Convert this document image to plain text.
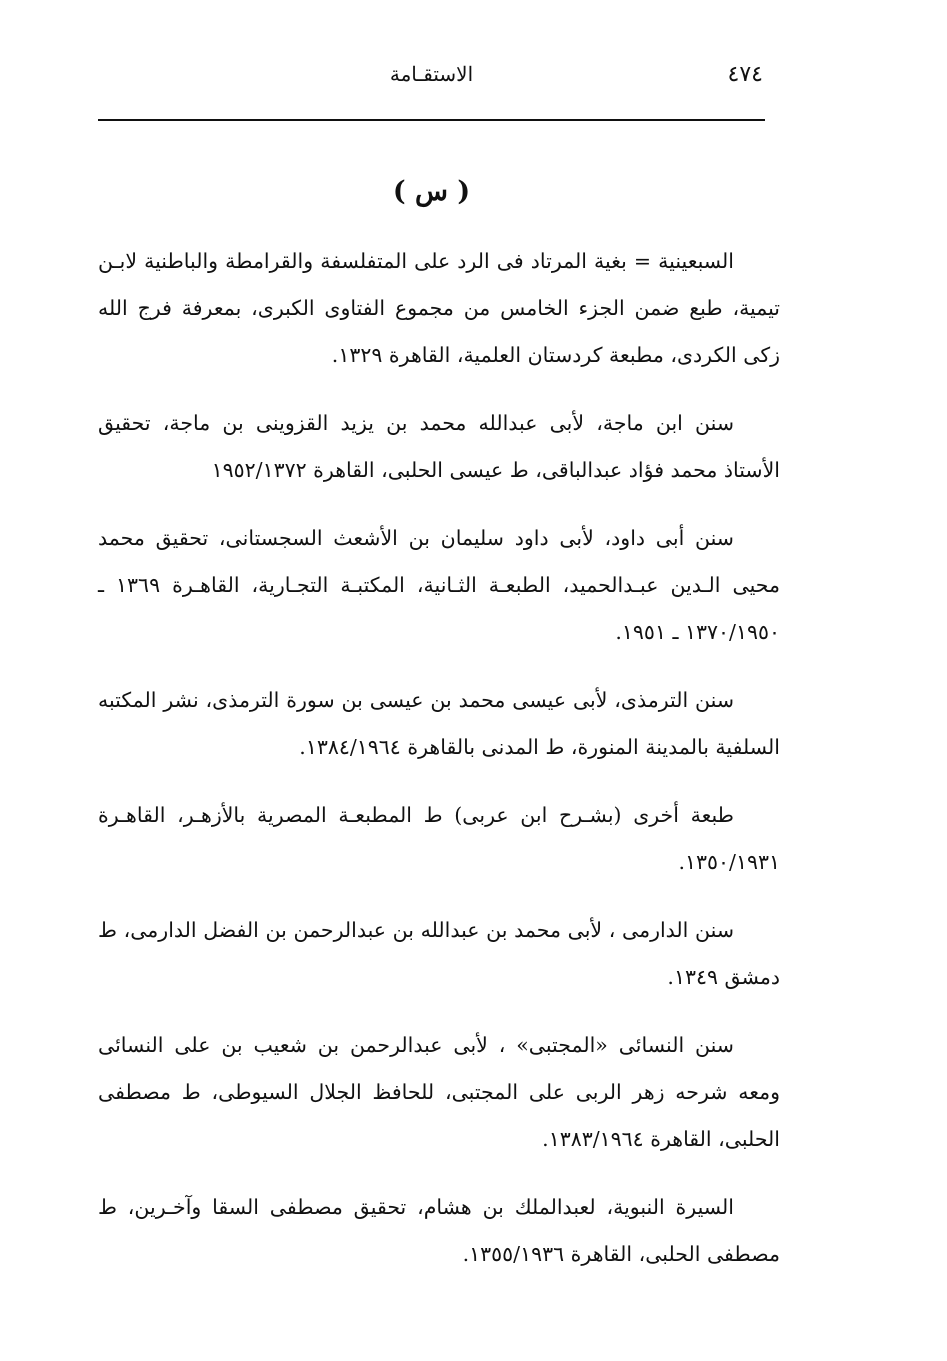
٤٧٤
الاستقـامة
( س )

السبعينية = بغية المرتاد فى الرد على المتفلسفة والقرامطة والباطنية لابـن تيمية، طبع ضمن الجزء الخامس من مجموع الفتاوى الكبرى، بمعرفة فرج الله زكى الكردى، مطبعة كردستان العلمية، القاهرة ١٣٢٩.

سنن ابن ماجة، لأبى عبدالله محمد بن يزيد القزوينى بن ماجة، تحقيق الأستاذ محمد فؤاد عبدالباقى، ط عيسى الحلبى، القاهرة ١٩٥٢/١٣٧٢

سنن أبى داود، لأبى داود سليمان بن الأشعث السجستانى، تحقيق محمد محيى الـدين عبـدالحميد، الطبعـة الثـانية، المكتبـة التجـارية، القاهـرة ١٣٦٩ ـ ١٣٧٠/١٩٥٠ ـ ١٩٥١.

سنن الترمذى، لأبى عيسى محمد بن عيسى بن سورة الترمذى، نشر المكتبه السلفية بالمدينة المنورة، ط المدنى بالقاهرة ١٣٨٤/١٩٦٤.

طبعة أخرى (بشـرح ابن عربى) ط المطبعـة المصرية بالأزهـر، القاهـرة ١٣٥٠/١٩٣١.

سنن الدارمى ، لأبى محمد بن عبدالله بن عبدالرحمن بن الفضل الدارمى، ط دمشق ١٣٤٩.

سنن النسائى «المجتبى» ، لأبى عبدالرحمن بن شعيب بن على النسائى ومعه شرحه زهر الربى على المجتبى، للحافظ الجلال السيوطى، ط مصطفى الحلبى، القاهرة ١٣٨٣/١٩٦٤.

السيرة النبوية، لعبدالملك بن هشام، تحقيق مصطفى السقا وآخـرين، ط مصطفى الحلبى، القاهرة ١٣٥٥/١٩٣٦.
